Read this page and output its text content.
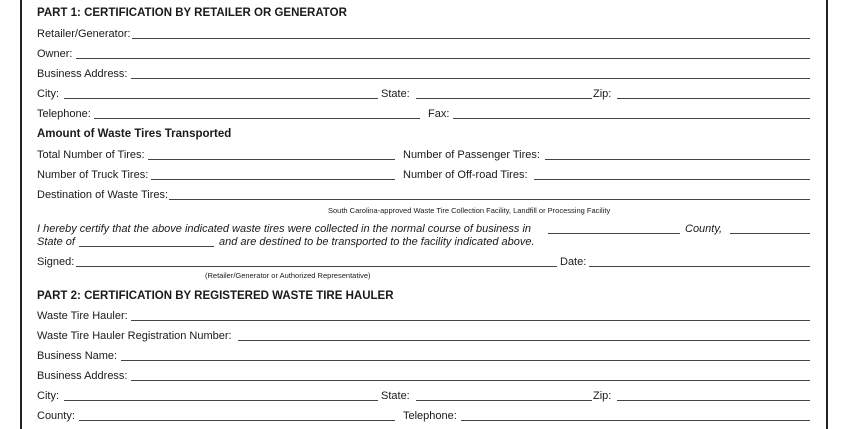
PART 1: CERTIFICATION BY RETAILER OR GENERATOR
Retailer/Generator:
Owner:
Business Address:
City:	State:	Zip:
Telephone:	Fax:
Amount of Waste Tires Transported
Total Number of Tires:	Number of Passenger Tires:
Number of Truck Tires:	Number of Off-road Tires:
Destination of Waste Tires:
South Carolina-approved Waste Tire Collection Facility, Landfill or Processing Facility
I hereby certify that the above indicated waste tires were collected in the normal course of business in	County,
State of	and are destined to be transported to the facility indicated above.
Signed:	Date:
(Retailer/Generator or Authorized Representative)
PART 2: CERTIFICATION BY REGISTERED WASTE TIRE HAULER
Waste Tire Hauler:
Waste Tire Hauler Registration Number:
Business Name:
Business Address:
City:	State:	Zip:
County:	Telephone:
